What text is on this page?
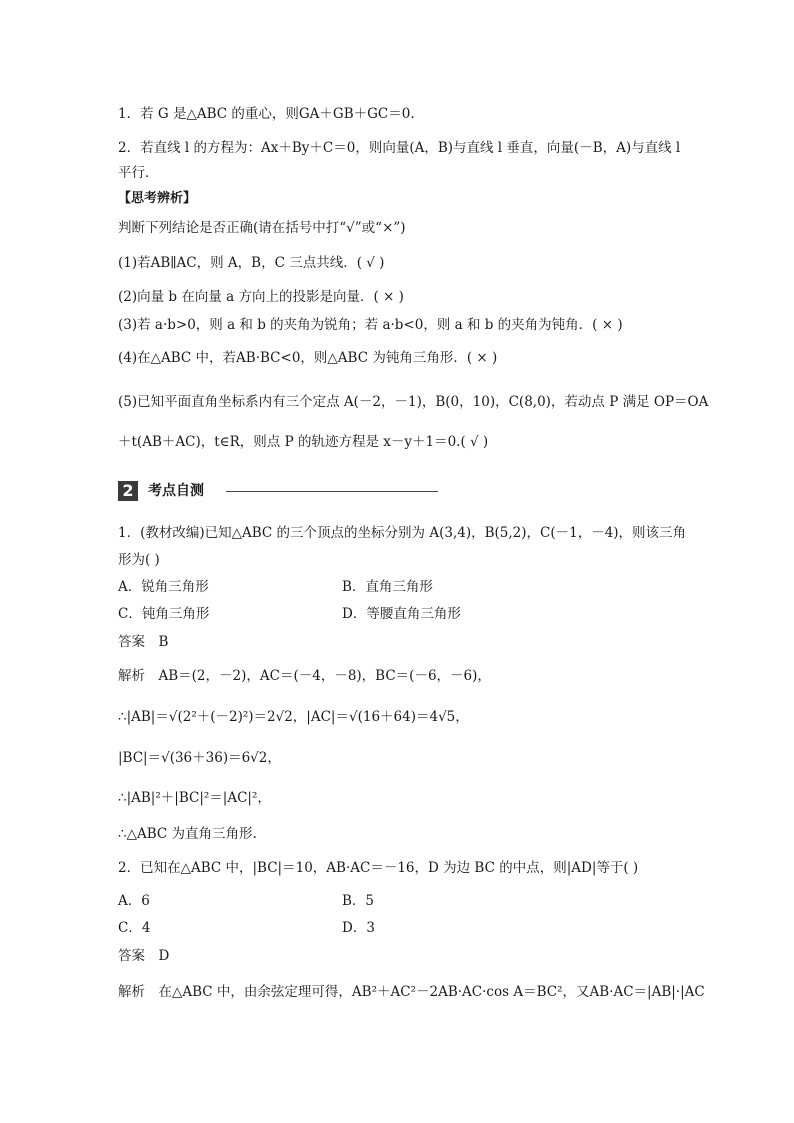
1．若 G 是△ABC 的重心，则GA＋GB＋GC＝0.
2．若直线 l 的方程为：Ax＋By＋C＝0，则向量(A，B)与直线 l 垂直，向量(－B，A)与直线 l
平行．
【思考辨析】
判断下列结论是否正确(请在括号中打“√”或“×”)
(1)若AB∥AC，则 A，B，C 三点共线．( √ )
(2)向量 b 在向量 a 方向上的投影是向量．( × )
(3)若 a·b>0，则 a 和 b 的夹角为锐角；若 a·b<0，则 a 和 b 的夹角为钝角．( × )
(4)在△ABC 中，若AB·BC<0，则△ABC 为钝角三角形．( × )
(5)已知平面直角坐标系内有三个定点 A(－2，－1)，B(0，10)，C(8,0)，若动点 P 满足 OP＝OA
＋t(AB＋AC)，t∈R，则点 P 的轨迹方程是 x－y＋1＝0.( √ )
2	考点自测
1．(教材改编)已知△ABC 的三个顶点的坐标分别为 A(3,4)，B(5,2)，C(－1，－4)，则该三角
形为( )
A．锐角三角形	B．直角三角形
C．钝角三角形	D．等腰直角三角形
答案　B
解析　AB＝(2，－2)，AC＝(－4，－8)，BC＝(－6，－6)，
∴|AB|＝√(2²＋(－2)²)＝2√2，|AC|＝√(16＋64)＝4√5，
|BC|＝√(36＋36)＝6√2，
∴|AB|²＋|BC|²＝|AC|²，
∴△ABC 为直角三角形.
2．已知在△ABC 中，|BC|＝10，AB·AC＝－16，D 为边 BC 的中点，则|AD|等于( )
A．6	B．5
C．4	D．3
答案　D
解析　在△ABC 中，由余弦定理可得，AB²＋AC²－2AB·AC·cos A＝BC²，又AB·AC＝|AB|·|AC
